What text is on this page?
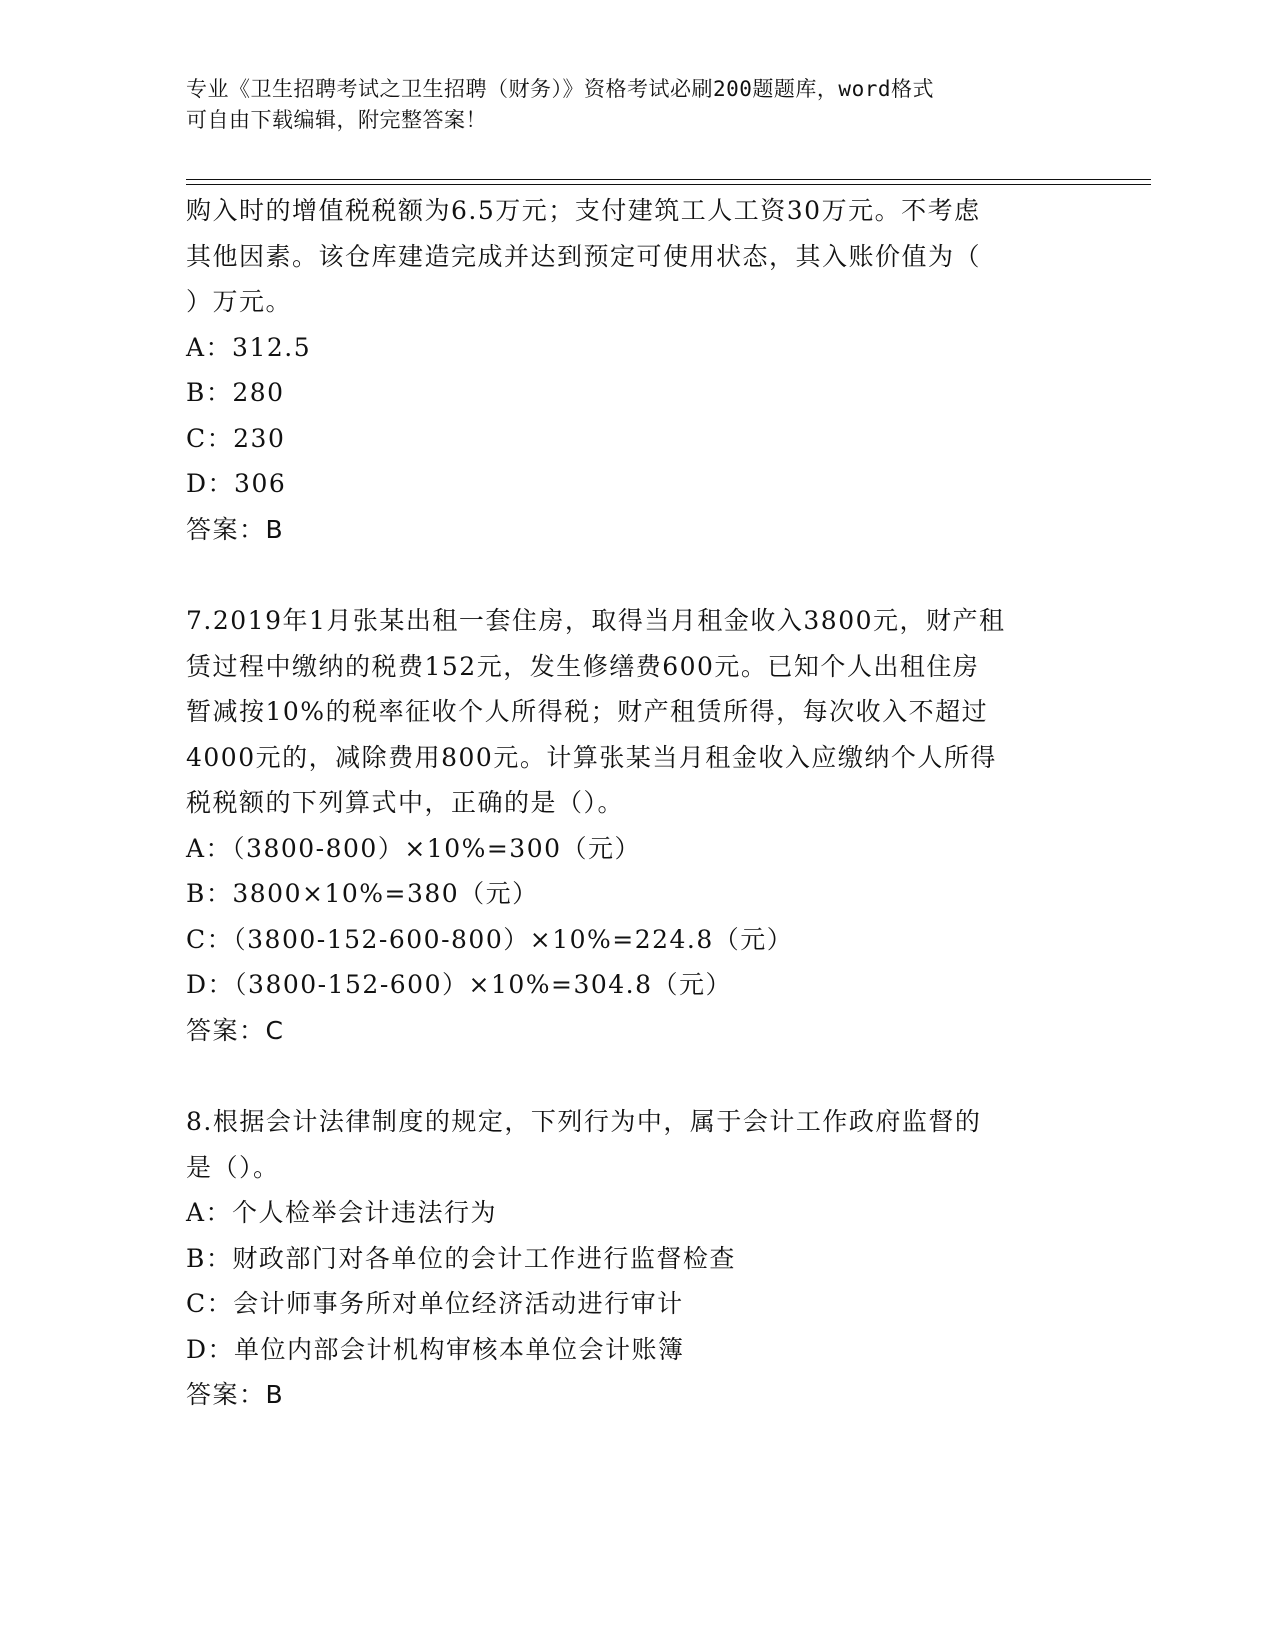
专业《卫生招聘考试之卫生招聘（财务）》资格考试必刷200题题库，word格式
可自由下载编辑，附完整答案！

购入时的增值税税额为6.5万元；支付建筑工人工资30万元。不考虑

其他因素。该仓库建造完成并达到预定可使用状态，其入账价值为（

）万元。

A：312.5

B：280

C：230

D：306

答案：B

7.2019年1月张某出租一套住房，取得当月租金收入3800元，财产租

赁过程中缴纳的税费152元，发生修缮费600元。已知个人出租住房

暂减按10%的税率征收个人所得税；财产租赁所得，每次收入不超过

4000元的，减除费用800元。计算张某当月租金收入应缴纳个人所得

税税额的下列算式中，正确的是（）。

A：（3800-800）×10%=300（元）

B：3800×10%=380（元）

C：（3800-152-600-800）×10%=224.8（元）

D：（3800-152-600）×10%=304.8（元）

答案：C

8.根据会计法律制度的规定，下列行为中，属于会计工作政府监督的

是（）。

A：个人检举会计违法行为

B：财政部门对各单位的会计工作进行监督检查

C：会计师事务所对单位经济活动进行审计

D：单位内部会计机构审核本单位会计账簿

答案：B
